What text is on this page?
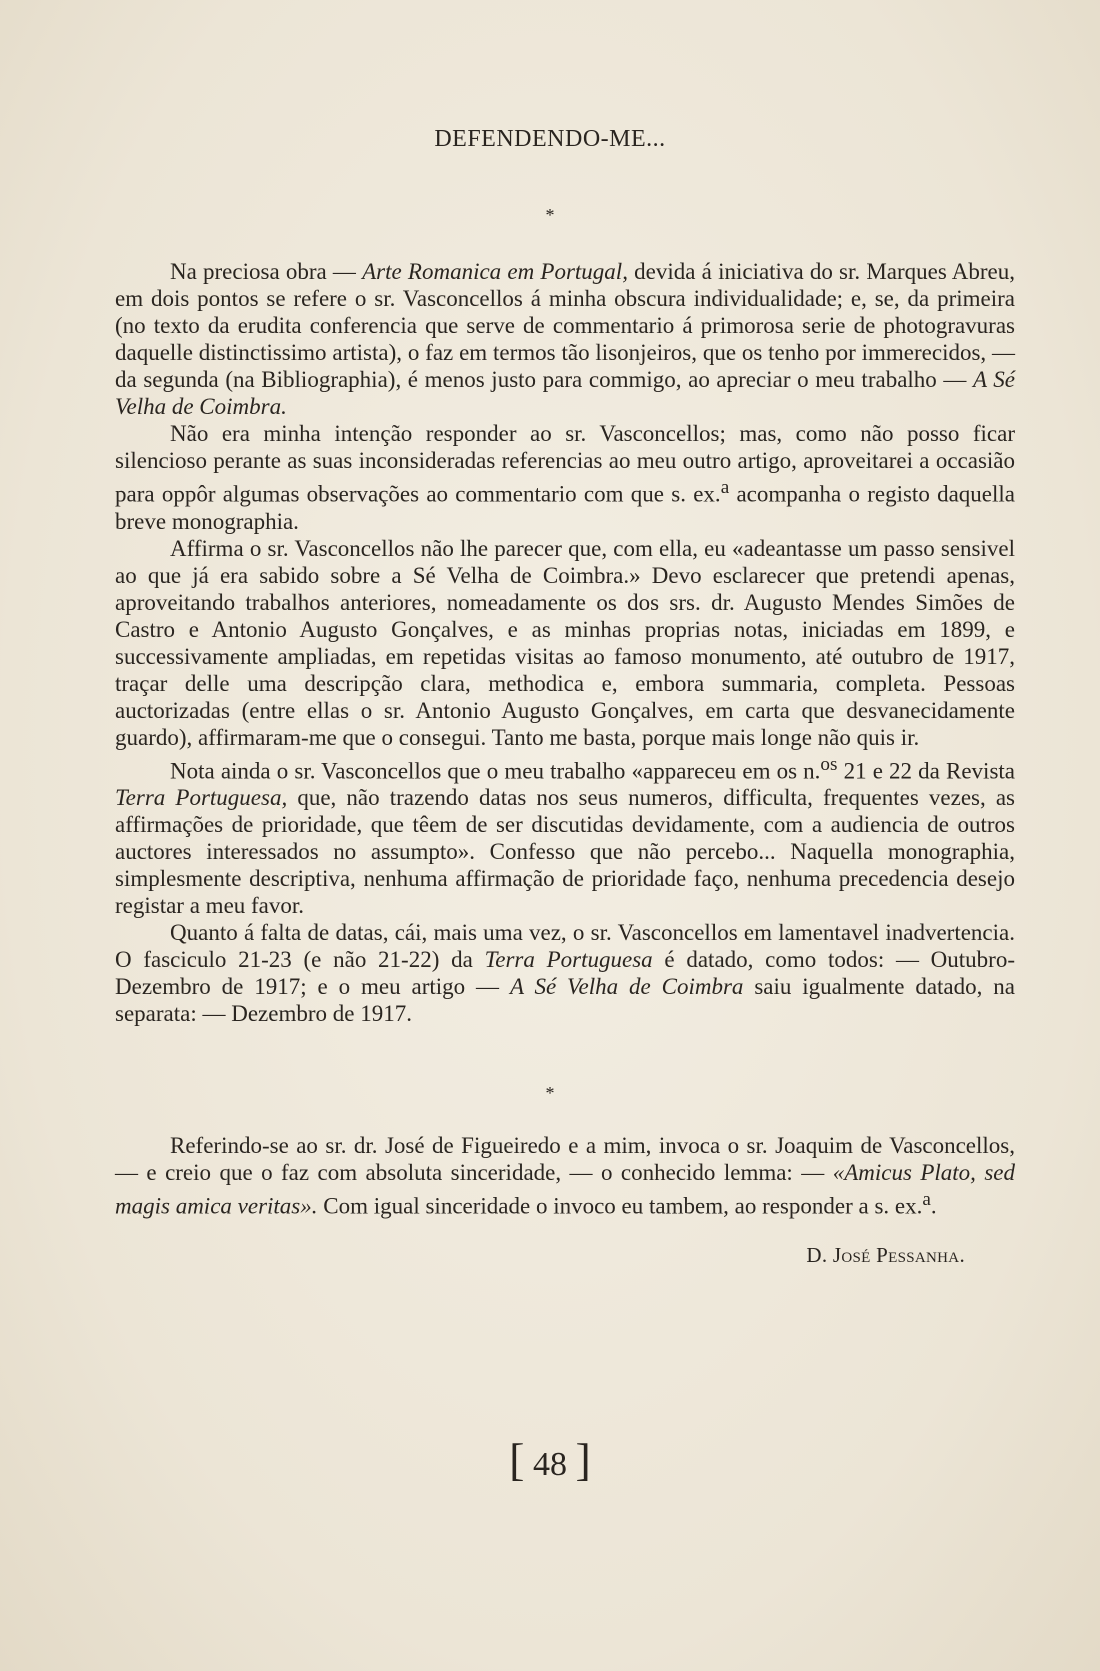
DEFENDENDO-ME...
*

Na preciosa obra — Arte Romanica em Portugal, devida á iniciativa do sr. Marques Abreu, em dois pontos se refere o sr. Vasconcellos á minha obscura individualidade; e, se, da primeira (no texto da erudita conferencia que serve de commentario á primorosa serie de photogravuras daquelle distinctissimo artista), o faz em termos tão lisonjeiros, que os tenho por immerecidos, — da segunda (na Bibliographia), é menos justo para commigo, ao apreciar o meu trabalho — A Sé Velha de Coimbra.

Não era minha intenção responder ao sr. Vasconcellos; mas, como não posso ficar silencioso perante as suas inconsideradas referencias ao meu outro artigo, aproveitarei a occasião para oppôr algumas observações ao commentario com que s. ex.$^a$ acompanha o registo daquella breve monographia.

Affirma o sr. Vasconcellos não lhe parecer que, com ella, eu «adeantasse um passo sensivel ao que já era sabido sobre a Sé Velha de Coimbra.» Devo esclarecer que pretendi apenas, aproveitando trabalhos anteriores, nomeadamente os dos srs. dr. Augusto Mendes Simões de Castro e Antonio Augusto Gonçalves, e as minhas proprias notas, iniciadas em 1899, e successivamente ampliadas, em repetidas visitas ao famoso monumento, até outubro de 1917, traçar delle uma descripção clara, methodica e, embora summaria, completa. Pessoas auctorizadas (entre ellas o sr. Antonio Augusto Gonçalves, em carta que desvanecidamente guardo), affirmaram-me que o consegui. Tanto me basta, porque mais longe não quis ir.

Nota ainda o sr. Vasconcellos que o meu trabalho «appareceu em os n.$^{os}$ 21 e 22 da Revista Terra Portuguesa, que, não trazendo datas nos seus numeros, difficulta, frequentes vezes, as affirmações de prioridade, que têem de ser discutidas devidamente, com a audiencia de outros auctores interessados no assumpto». Confesso que não percebo... Naquella monographia, simplesmente descriptiva, nenhuma affirmação de prioridade faço, nenhuma precedencia desejo registar a meu favor.

Quanto á falta de datas, cái, mais uma vez, o sr. Vasconcellos em lamentavel inadvertencia. O fasciculo 21-23 (e não 21-22) da Terra Portuguesa é datado, como todos: — Outubro-Dezembro de 1917; e o meu artigo — A Sé Velha de Coimbra saiu igualmente datado, na separata: — Dezembro de 1917.

*

Referindo-se ao sr. dr. José de Figueiredo e a mim, invoca o sr. Joaquim de Vasconcellos, — e creio que o faz com absoluta sinceridade, — o conhecido lemma: — «Amicus Plato, sed magis amica veritas». Com igual sinceridade o invoco eu tambem, ao responder a s. ex.$^a$.

D. José Pessanha.
[ 48 ]
